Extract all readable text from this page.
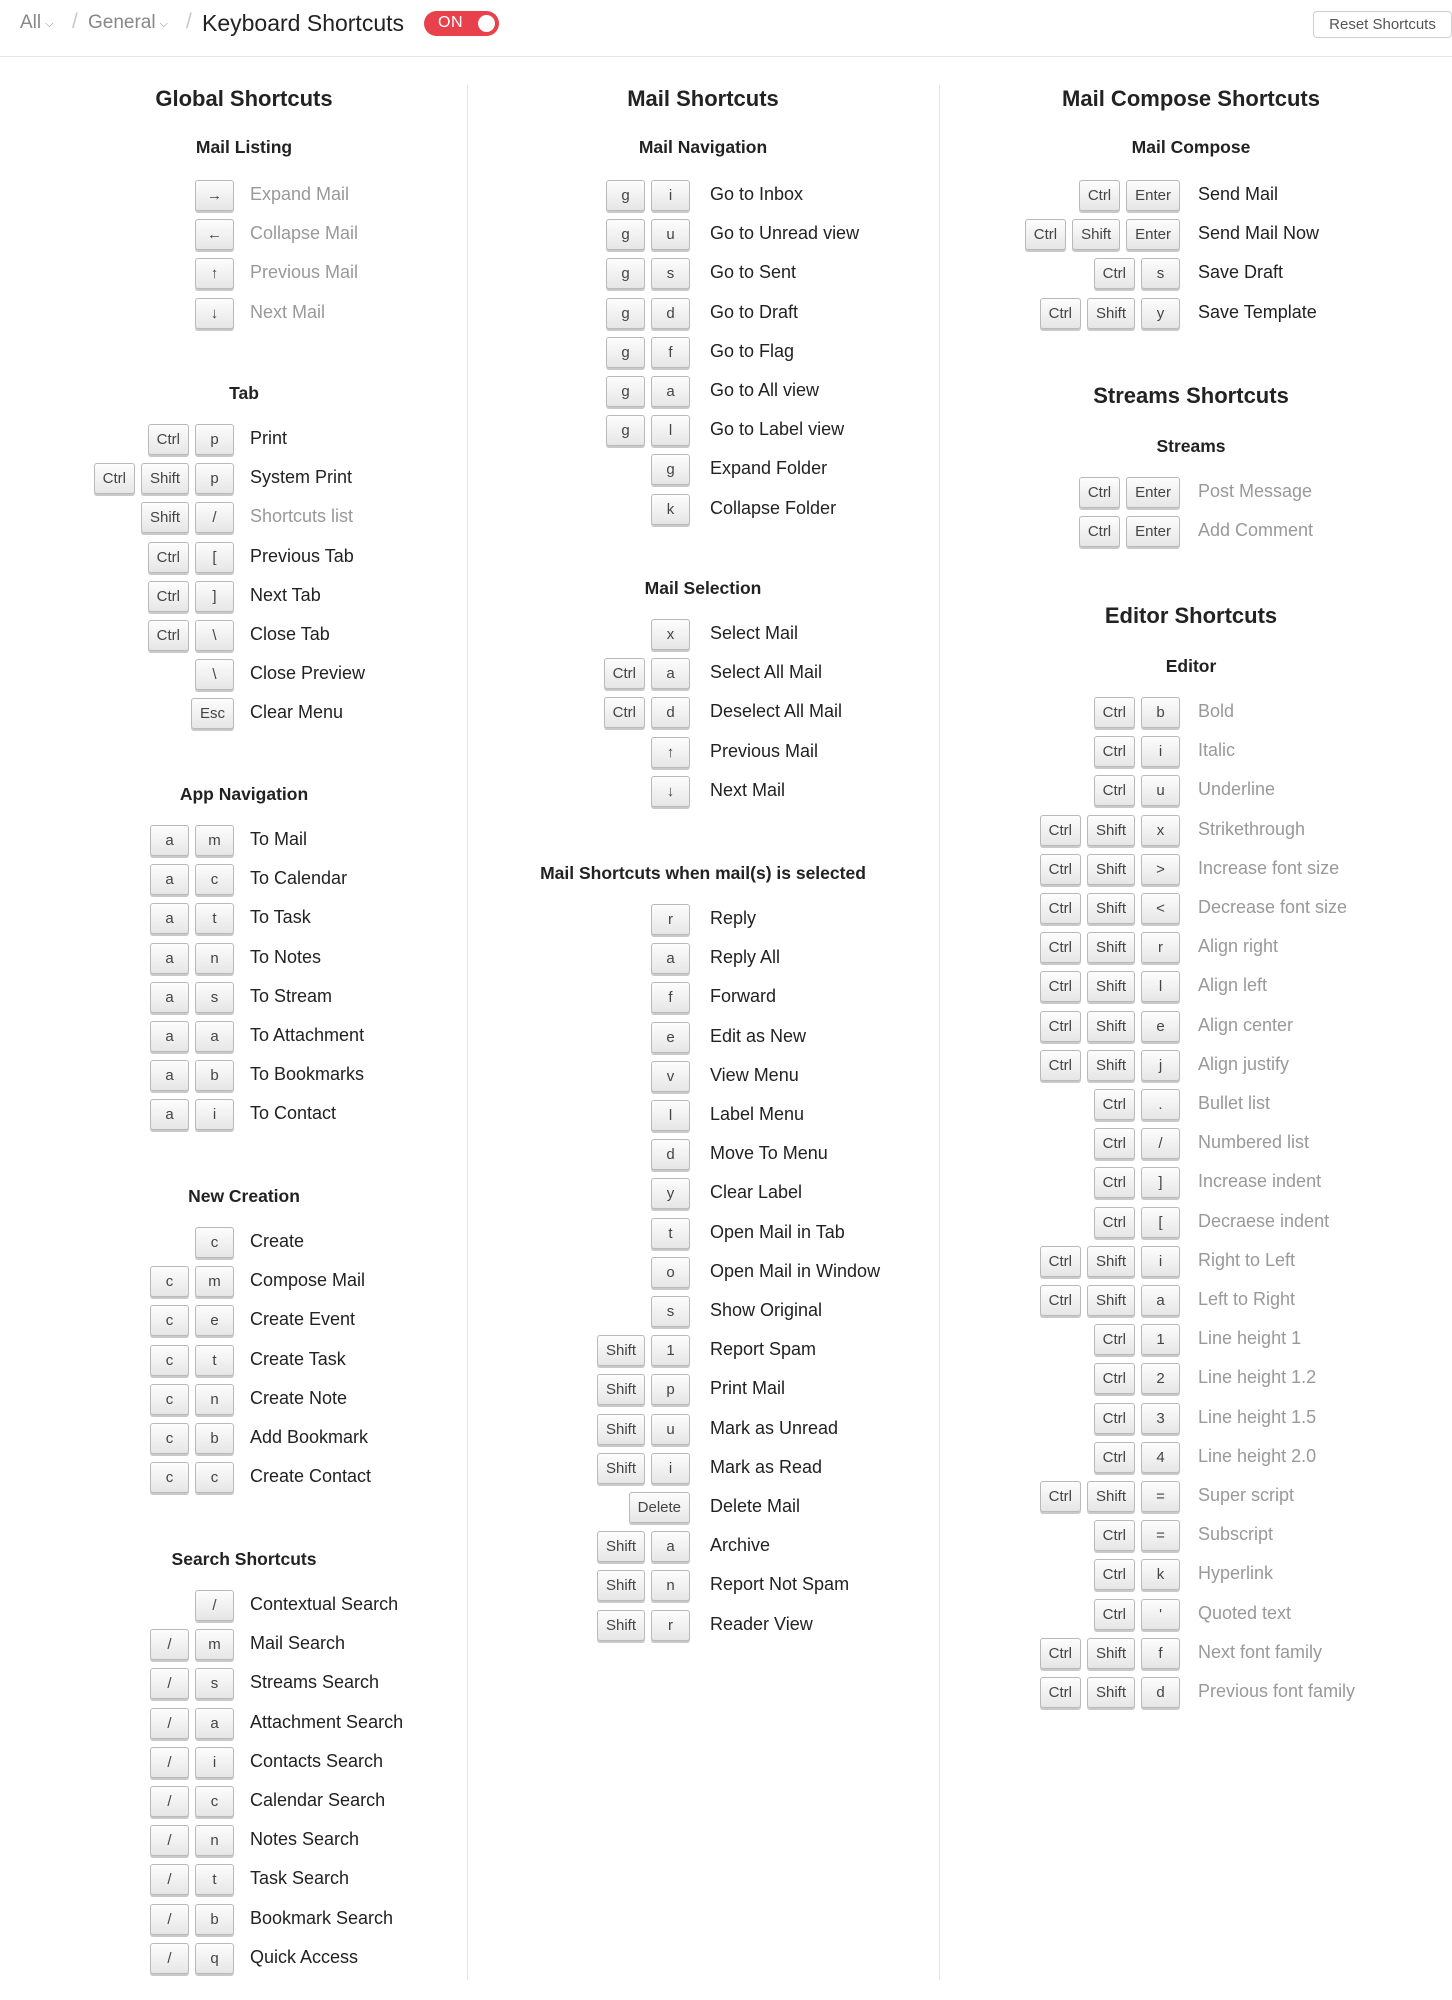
All ⌵ / General ⌵ / Keyboard Shortcuts ON	Reset Shortcuts
Global Shortcuts
Mail Listing
→	Expand Mail
←	Collapse Mail
↑	Previous Mail
↓	Next Mail
Tab
Ctrl	p	Print
Ctrl	Shift	p	System Print
Shift	/	Shortcuts list
Ctrl	[	Previous Tab
Ctrl	]	Next Tab
Ctrl	\	Close Tab
\	Close Preview
Esc	Clear Menu
App Navigation
a	m	To Mail
a	c	To Calendar
a	t	To Task
a	n	To Notes
a	s	To Stream
a	a	To Attachment
a	b	To Bookmarks
a	i	To Contact
New Creation
c	Create
c	m	Compose Mail
c	e	Create Event
c	t	Create Task
c	n	Create Note
c	b	Add Bookmark
c	c	Create Contact
Search Shortcuts
/	Contextual Search
/	m	Mail Search
/	s	Streams Search
/	a	Attachment Search
/	i	Contacts Search
/	c	Calendar Search
/	n	Notes Search
/	t	Task Search
/	b	Bookmark Search
/	q	Quick Access
Mail Shortcuts
Mail Navigation
g	i	Go to Inbox
g	u	Go to Unread view
g	s	Go to Sent
g	d	Go to Draft
g	f	Go to Flag
g	a	Go to All view
g	l	Go to Label view
g	Expand Folder
k	Collapse Folder
Mail Selection
x	Select Mail
Ctrl	a	Select All Mail
Ctrl	d	Deselect All Mail
↑	Previous Mail
↓	Next Mail
Mail Shortcuts when mail(s) is selected
r	Reply
a	Reply All
f	Forward
e	Edit as New
v	View Menu
l	Label Menu
d	Move To Menu
y	Clear Label
t	Open Mail in Tab
o	Open Mail in Window
s	Show Original
Shift	1	Report Spam
Shift	p	Print Mail
Shift	u	Mark as Unread
Shift	i	Mark as Read
Delete	Delete Mail
Shift	a	Archive
Shift	n	Report Not Spam
Shift	r	Reader View
Mail Compose Shortcuts
Mail Compose
Ctrl	Enter	Send Mail
Ctrl	Shift	Enter	Send Mail Now
Ctrl	s	Save Draft
Ctrl	Shift	y	Save Template
Streams
Ctrl	Enter	Post Message
Ctrl	Enter	Add Comment
Editor
Ctrl	b	Bold
Ctrl	i	Italic
Ctrl	u	Underline
Ctrl	Shift	x	Strikethrough
Ctrl	Shift	>	Increase font size
Ctrl	Shift	<	Decrease font size
Ctrl	Shift	r	Align right
Ctrl	Shift	l	Align left
Ctrl	Shift	e	Align center
Ctrl	Shift	j	Align justify
Ctrl	.	Bullet list
Ctrl	/	Numbered list
Ctrl	]	Increase indent
Ctrl	[	Decraese indent
Ctrl	Shift	i	Right to Left
Ctrl	Shift	a	Left to Right
Ctrl	1	Line height 1
Ctrl	2	Line height 1.2
Ctrl	3	Line height 1.5
Ctrl	4	Line height 2.0
Ctrl	Shift	=	Super script
Ctrl	=	Subscript
Ctrl	k	Hyperlink
Ctrl	'	Quoted text
Ctrl	Shift	f	Next font family
Ctrl	Shift	d	Previous font family
Streams Shortcuts
Editor Shortcuts
